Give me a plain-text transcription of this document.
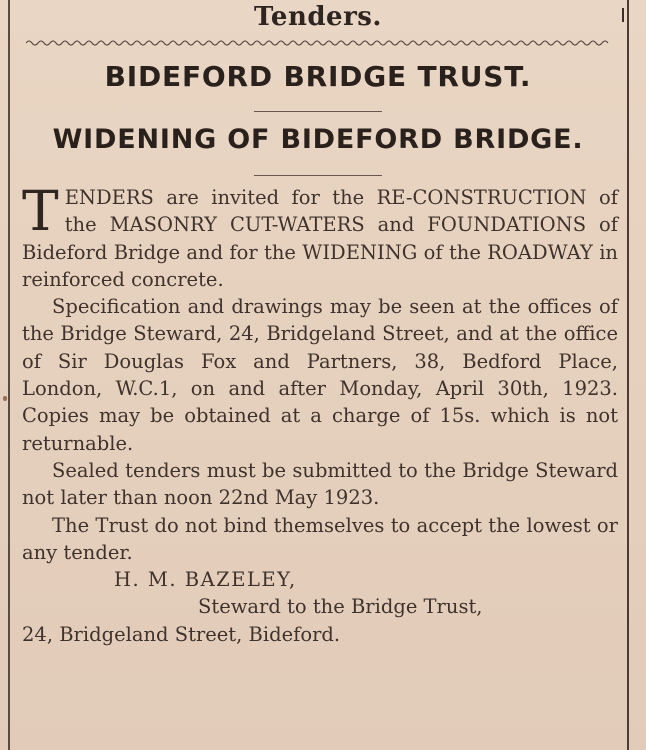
Tenders.
BIDEFORD BRIDGE TRUST.
WIDENING OF BIDEFORD BRIDGE.

TENDERS are invited for the RE-CONSTRUCTION of the MASONRY CUT-WATERS and FOUNDATIONS of Bideford Bridge and for the WIDENING of the ROADWAY in reinforced concrete.

Specification and drawings may be seen at the offices of the Bridge Steward, 24, Bridgeland Street, and at the office of Sir Douglas Fox and Partners, 38, Bedford Place, London, W.C.1, on and after Monday, April 30th, 1923. Copies may be obtained at a charge of 15s. which is not returnable.

Sealed tenders must be submitted to the Bridge Steward not later than noon 22nd May 1923.

The Trust do not bind themselves to accept the lowest or any tender.

H. M. BAZELEY,

Steward to the Bridge Trust,

24, Bridgeland Street, Bideford.
